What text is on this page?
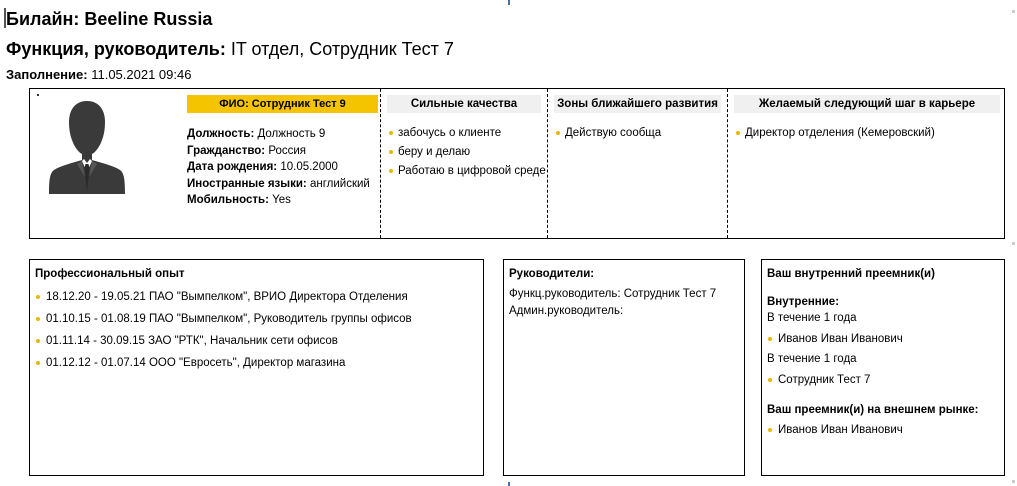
Билайн: Beeline Russia
Функция, руководитель: IT отдел, Сотрудник Тест 7
Заполнение: 11.05.2021 09:46
ФИО: Сотрудник Тест 9
Должность: Должность 9
Гражданство: Россия
Дата рождения: 10.05.2000
Иностранные языки: английский
Мобильность: Yes
Сильные качества
забочусь о клиенте
беру и делаю
Работаю в цифровой среде
Зоны ближайшего развития
Действую сообща
Желаемый следующий шаг в карьере
Директор отделения (Кемеровский)
Профессиональный опыт
18.12.20 - 19.05.21 ПАО "Вымпелком", ВРИО Директора Отделения
01.10.15 - 01.08.19 ПАО "Вымпелком", Руководитель группы офисов
01.11.14 - 30.09.15 ЗАО "РТК", Начальник сети офисов
01.12.12 - 01.07.14 ООО "Евросеть", Директор магазина
Руководители:
Функц.руководитель: Сотрудник Тест 7
Админ.руководитель:
Ваш внутренний преемник(и)
Внутренние:
В течение 1 года
Иванов Иван Иванович
В течение 1 года
Сотрудник Тест 7
Ваш преемник(и) на внешнем рынке:
Иванов Иван Иванович
